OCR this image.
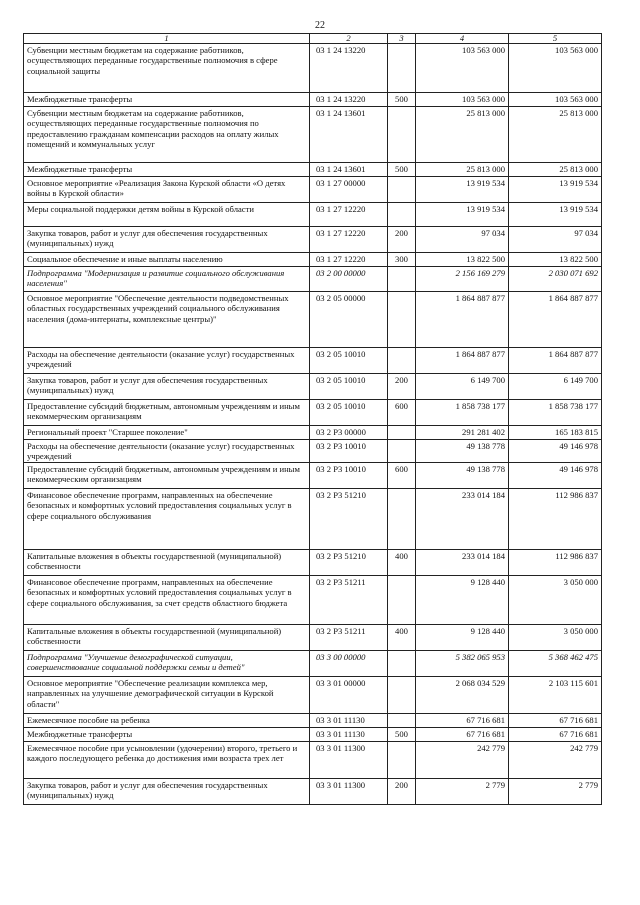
22
1	2	3	4	5
Субвенции местным бюджетам на содержание работников, осуществляющих переданные государственные полномочия в сфере социальной защиты	03 1 24 13220		103 563 000	103 563 000
Межбюджетные трансферты	03 1 24 13220	500	103 563 000	103 563 000
Субвенции местным бюджетам на содержание работников, осуществляющих переданные государственные полномочия по предоставлению гражданам компенсации расходов на оплату жилых помещений и коммунальных услуг	03 1 24 13601		25 813 000	25 813 000
Межбюджетные трансферты	03 1 24 13601	500	25 813 000	25 813 000
Основное мероприятие «Реализация Закона Курской области «О детях войны в Курской области»	03 1 27 00000		13 919 534	13 919 534
Меры социальной поддержки детям войны в Курской области	03 1 27 12220		13 919 534	13 919 534
Закупка товаров, работ и услуг для обеспечения государственных (муниципальных) нужд	03 1 27 12220	200	97 034	97 034
Социальное обеспечение и иные выплаты населению	03 1 27 12220	300	13 822 500	13 822 500
Подпрограмма "Модернизация и развитие социального обслуживания населения"	03 2 00 00000		2 156 169 279	2 030 071 692
Основное мероприятие "Обеспечение деятельности подведомственных областных государственных учреждений социального обслуживания населения (дома-интернаты, комплексные центры)"	03 2 05 00000		1 864 887 877	1 864 887 877
Расходы на обеспечение деятельности (оказание услуг) государственных учреждений	03 2 05 10010		1 864 887 877	1 864 887 877
Закупка товаров, работ и услуг для обеспечения государственных (муниципальных) нужд	03 2 05 10010	200	6 149 700	6 149 700
Предоставление субсидий бюджетным, автономным учреждениям и иным некоммерческим организациям	03 2 05 10010	600	1 858 738 177	1 858 738 177
Региональный проект "Старшее поколение"	03 2 Р3 00000		291 281 402	165 183 815
Расходы на обеспечение деятельности (оказание услуг) государственных учреждений	03 2 Р3 10010		49 138 778	49 146 978
Предоставление субсидий бюджетным, автономным учреждениям и иным некоммерческим организациям	03 2 Р3 10010	600	49 138 778	49 146 978
Финансовое обеспечение программ, направленных на обеспечение безопасных и комфортных условий предоставления социальных услуг в сфере социального обслуживания	03 2 Р3 51210		233 014 184	112 986 837
Капитальные вложения в объекты государственной (муниципальной) собственности	03 2 Р3 51210	400	233 014 184	112 986 837
Финансовое обеспечение программ, направленных на обеспечение безопасных и комфортных условий предоставления социальных услуг в сфере социального обслуживания, за счет средств областного бюджета	03 2 Р3 51211		9 128 440	3 050 000
Капитальные вложения в объекты государственной (муниципальной) собственности	03 2 Р3 51211	400	9 128 440	3 050 000
Подпрограмма "Улучшение демографической ситуации, совершенствование социальной поддержки семьи и детей"	03 3 00 00000		5 382 065 953	5 368 462 475
Основное мероприятие "Обеспечение реализации комплекса мер, направленных на улучшение демографической ситуации в Курской области"	03 3 01 00000		2 068 034 529	2 103 115 601
Ежемесячное пособие на ребенка	03 3 01 11130		67 716 681	67 716 681
Межбюджетные трансферты	03 3 01 11130	500	67 716 681	67 716 681
Ежемесячное пособие при усыновлении (удочерении) второго, третьего и каждого последующего ребенка до достижения ими возраста трех лет	03 3 01 11300		242 779	242 779
Закупка товаров, работ и услуг для обеспечения государственных (муниципальных) нужд	03 3 01 11300	200	2 779	2 779
